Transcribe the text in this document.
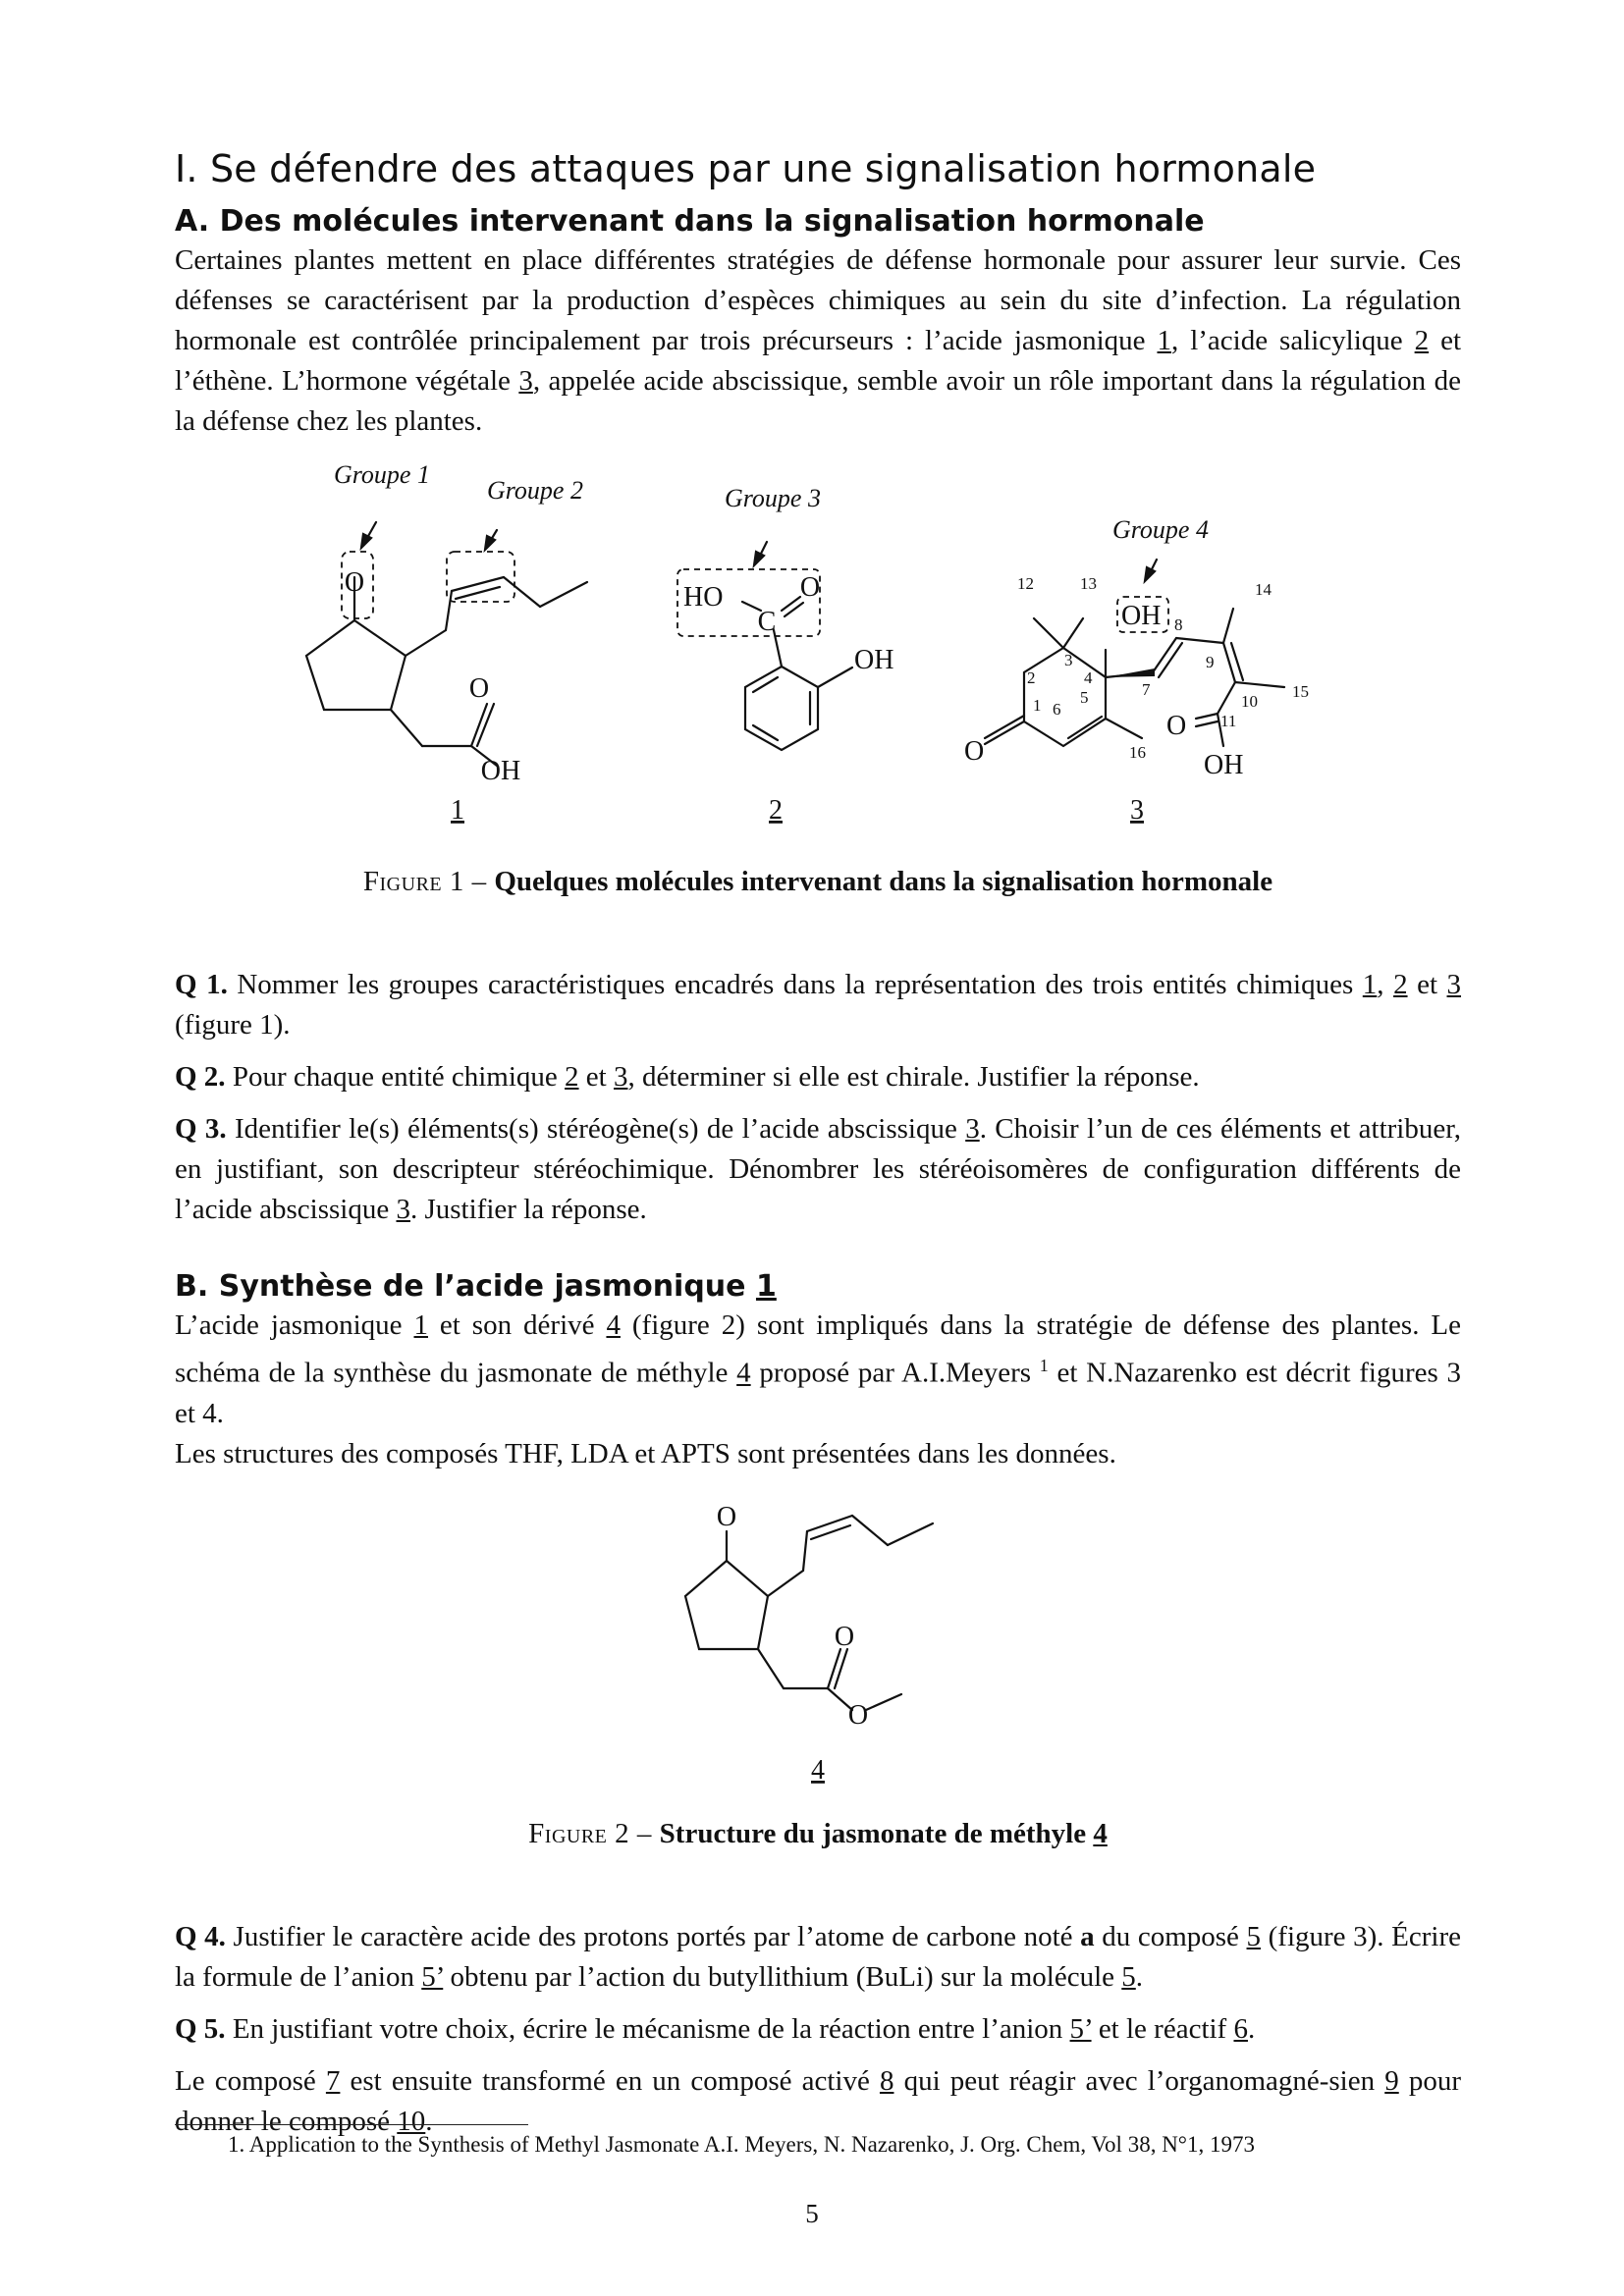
I. Se défendre des attaques par une signalisation hormonale
A. Des molécules intervenant dans la signalisation hormonale

Certaines plantes mettent en place différentes stratégies de défense hormonale pour assurer leur survie. Ces défenses se caractérisent par la production d’espèces chimiques au sein du site d’infection. La régulation hormonale est contrôlée principalement par trois précurseurs : l’acide jasmonique 1, l’acide salicylique 2 et l’éthène. L’hormone végétale 3, appelée acide abscissique, semble avoir un rôle important dans la régulation de la défense chez les plantes.

O
O
OH
1
Groupe 1
Groupe 2	Groupe 3
Groupe 4
HO
C
O
OH
2
OH
O
O
OH
3
12	13	14
8
3	9
2	4
7	15
10
5
1 6
11
16

Figure 1 – Quelques molécules intervenant dans la signalisation hormonale

Q 1. Nommer les groupes caractéristiques encadrés dans la représentation des trois entités chimiques 1, 2 et 3 (figure 1).

Q 2. Pour chaque entité chimique 2 et 3, déterminer si elle est chirale. Justifier la réponse.

Q 3. Identifier le(s) éléments(s) stéréogène(s) de l’acide abscissique 3. Choisir l’un de ces éléments et attribuer, en justifiant, son descripteur stéréochimique. Dénombrer les stéréoisomères de configuration différents de l’acide abscissique 3. Justifier la réponse.

B. Synthèse de l’acide jasmonique 1

L’acide jasmonique 1 et son dérivé 4 (figure 2) sont impliqués dans la stratégie de défense des plantes. Le schéma de la synthèse du jasmonate de méthyle 4 proposé par A.I.Meyers $^1$ et N.Nazarenko est décrit figures 3 et 4.

Les structures des composés THF, LDA et APTS sont présentées dans les données.

O
O
O
4

Figure 2 – Structure du jasmonate de méthyle 4

Q 4. Justifier le caractère acide des protons portés par l’atome de carbone noté a du composé 5 (figure 3). Écrire la formule de l’anion 5’ obtenu par l’action du butyllithium (BuLi) sur la molécule 5.

Q 5. En justifiant votre choix, écrire le mécanisme de la réaction entre l’anion 5’ et le réactif 6.

Le composé 7 est ensuite transformé en un composé activé 8 qui peut réagir avec l’organomagné-sien 9 pour donner le composé 10.

1. Application to the Synthesis of Methyl Jasmonate A.I. Meyers, N. Nazarenko, J. Org. Chem, Vol 38, N°1, 1973
5
